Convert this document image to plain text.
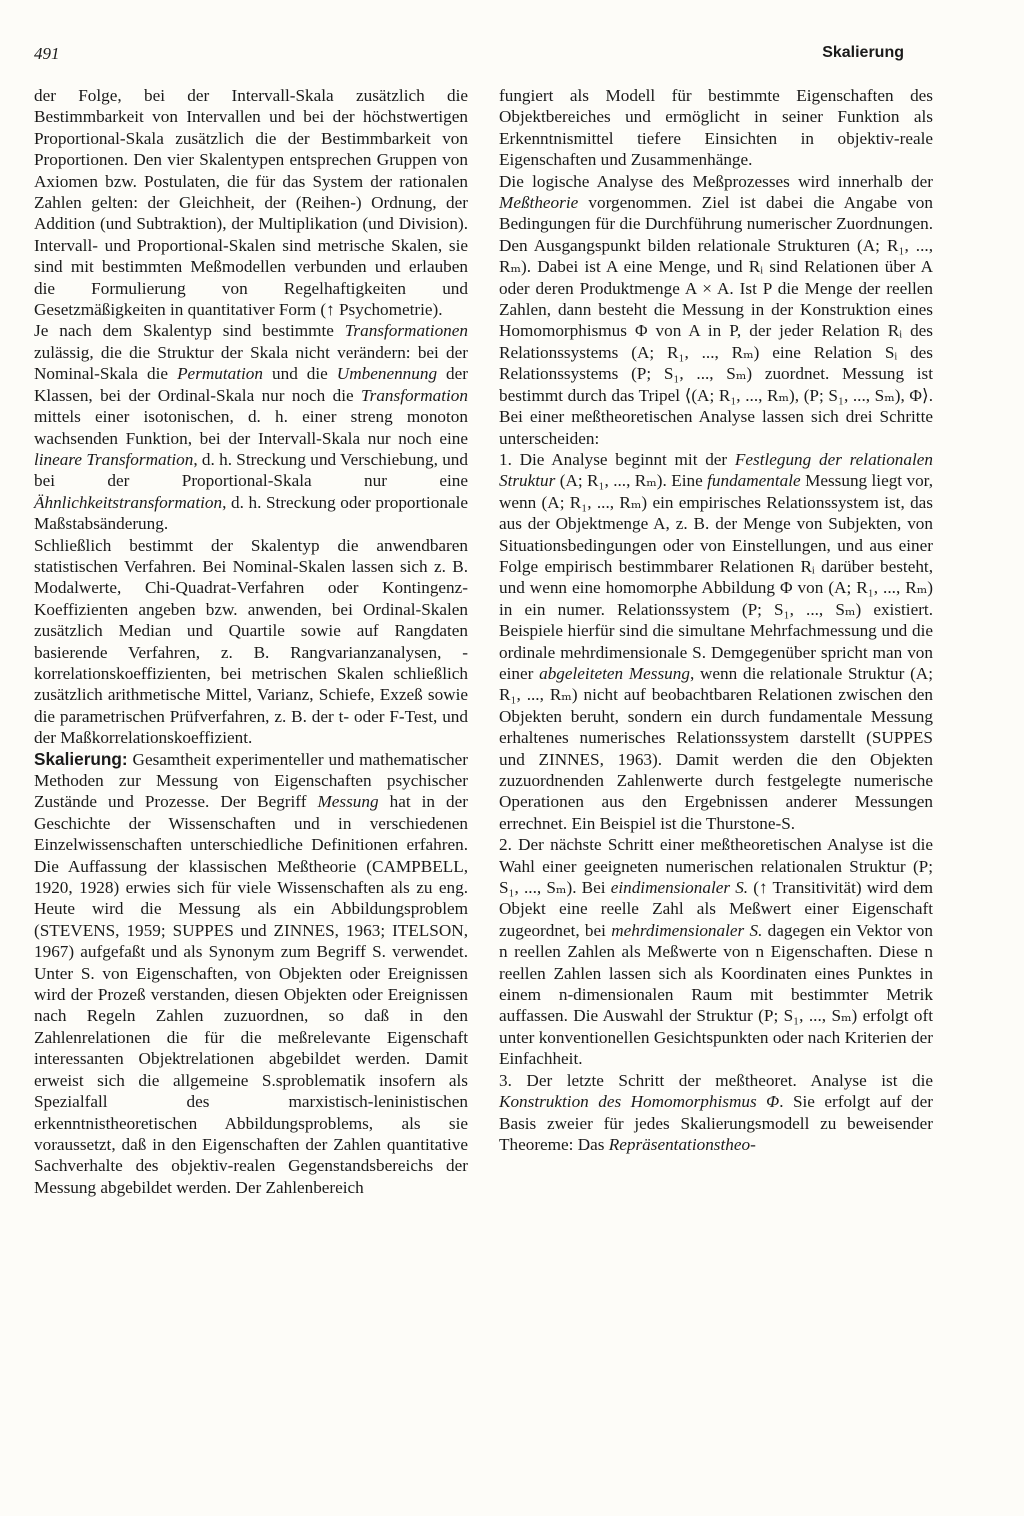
491	Skalierung

der Folge, bei der Intervall-Skala zusätzlich die Bestimmbarkeit von Intervallen und bei der höchstwertigen Proportional-Skala zusätzlich die der Bestimmbarkeit von Proportionen. Den vier Skalentypen entsprechen Gruppen von Axiomen bzw. Postulaten, die für das System der rationalen Zahlen gelten: der Gleichheit, der (Reihen-) Ordnung, der Addition (und Subtraktion), der Multiplikation (und Division). Intervall- und Proportional-Skalen sind metrische Skalen, sie sind mit bestimmten Meßmodellen verbunden und erlauben die Formulierung von Regelhaftigkeiten und Gesetzmäßigkeiten in quantitativer Form (↑ Psychometrie).

Je nach dem Skalentyp sind bestimmte Transformationen zulässig, die die Struktur der Skala nicht verändern: bei der Nominal-Skala die Permutation und die Umbenennung der Klassen, bei der Ordinal-Skala nur noch die Transformation mittels einer isotonischen, d. h. einer streng monoton wachsenden Funktion, bei der Intervall-Skala nur noch eine lineare Transformation, d. h. Streckung und Verschiebung, und bei der Proportional-Skala nur eine Ähnlichkeitstransformation, d. h. Streckung oder proportionale Maßstabsänderung.

Schließlich bestimmt der Skalentyp die anwendbaren statistischen Verfahren. Bei Nominal-Skalen lassen sich z. B. Modalwerte, Chi-Quadrat-Verfahren oder Kontingenz-Koeffizienten angeben bzw. anwenden, bei Ordinal-Skalen zusätzlich Median und Quartile sowie auf Rangdaten basierende Verfahren, z. B. Rangvarianzanalysen, -korrelationskoeffizienten, bei metrischen Skalen schließlich zusätzlich arithmetische Mittel, Varianz, Schiefe, Exzeß sowie die parametrischen Prüfverfahren, z. B. der t- oder F-Test, und der Maßkorrelationskoeffizient.

Skalierung: Gesamtheit experimenteller und mathematischer Methoden zur Messung von Eigenschaften psychischer Zustände und Prozesse. Der Begriff Messung hat in der Geschichte der Wissenschaften und in verschiedenen Einzelwissenschaften unterschiedliche Definitionen erfahren. Die Auffassung der klassischen Meßtheorie (CAMPBELL, 1920, 1928) erwies sich für viele Wissenschaften als zu eng. Heute wird die Messung als ein Abbildungsproblem (STEVENS, 1959; SUPPES und ZINNES, 1963; ITELSON, 1967) aufgefaßt und als Synonym zum Begriff S. verwendet. Unter S. von Eigenschaften, von Objekten oder Ereignissen wird der Prozeß verstanden, diesen Objekten oder Ereignissen nach Regeln Zahlen zuzuordnen, so daß in den Zahlenrelationen die für die meßrelevante Eigenschaft interessanten Objektrelationen abgebildet werden. Damit erweist sich die allgemeine S.sproblematik insofern als Spezialfall des marxistisch-leninistischen erkenntnistheoretischen Abbildungsproblems, als sie voraussetzt, daß in den Eigenschaften der Zahlen quantitative Sachverhalte des objektiv-realen Gegenstandsbereichs der Messung abgebildet werden. Der Zahlenbereich

fungiert als Modell für bestimmte Eigenschaften des Objektbereiches und ermöglicht in seiner Funktion als Erkenntnismittel tiefere Einsichten in objektiv-reale Eigenschaften und Zusammenhänge.

Die logische Analyse des Meßprozesses wird innerhalb der Meßtheorie vorgenommen. Ziel ist dabei die Angabe von Bedingungen für die Durchführung numerischer Zuordnungen. Den Ausgangspunkt bilden relationale Strukturen (A; R₁, ..., Rₘ). Dabei ist A eine Menge, und Rᵢ sind Relationen über A oder deren Produktmenge A × A. Ist P die Menge der reellen Zahlen, dann besteht die Messung in der Konstruktion eines Homomorphismus Φ von A in P, der jeder Relation Rᵢ des Relationssystems (A; R₁, ..., Rₘ) eine Relation Sᵢ des Relationssystems (P; S₁, ..., Sₘ) zuordnet. Messung ist bestimmt durch das Tripel ⟨(A; R₁, ..., Rₘ), (P; S₁, ..., Sₘ), Φ⟩. Bei einer meßtheoretischen Analyse lassen sich drei Schritte unterscheiden:

1. Die Analyse beginnt mit der Festlegung der relationalen Struktur (A; R₁, ..., Rₘ). Eine fundamentale Messung liegt vor, wenn (A; R₁, ..., Rₘ) ein empirisches Relationssystem ist, das aus der Objektmenge A, z. B. der Menge von Subjekten, von Situationsbedingungen oder von Einstellungen, und aus einer Folge empirisch bestimmbarer Relationen Rᵢ darüber besteht, und wenn eine homomorphe Abbildung Φ von (A; R₁, ..., Rₘ) in ein numer. Relationssystem (P; S₁, ..., Sₘ) existiert. Beispiele hierfür sind die simultane Mehrfachmessung und die ordinale mehrdimensionale S. Demgegenüber spricht man von einer abgeleiteten Messung, wenn die relationale Struktur (A; R₁, ..., Rₘ) nicht auf beobachtbaren Relationen zwischen den Objekten beruht, sondern ein durch fundamentale Messung erhaltenes numerisches Relationssystem darstellt (SUPPES und ZINNES, 1963). Damit werden die den Objekten zuzuordnenden Zahlenwerte durch festgelegte numerische Operationen aus den Ergebnissen anderer Messungen errechnet. Ein Beispiel ist die Thurstone-S.

2. Der nächste Schritt einer meßtheoretischen Analyse ist die Wahl einer geeigneten numerischen relationalen Struktur (P; S₁, ..., Sₘ). Bei eindimensionaler S. (↑ Transitivität) wird dem Objekt eine reelle Zahl als Meßwert einer Eigenschaft zugeordnet, bei mehrdimensionaler S. dagegen ein Vektor von n reellen Zahlen als Meßwerte von n Eigenschaften. Diese n reellen Zahlen lassen sich als Koordinaten eines Punktes in einem n-dimensionalen Raum mit bestimmter Metrik auffassen. Die Auswahl der Struktur (P; S₁, ..., Sₘ) erfolgt oft unter konventionellen Gesichtspunkten oder nach Kriterien der Einfachheit.

3. Der letzte Schritt der meßtheoret. Analyse ist die Konstruktion des Homomorphismus Φ. Sie erfolgt auf der Basis zweier für jedes Skalierungsmodell zu beweisender Theoreme: Das Repräsentationstheo-
